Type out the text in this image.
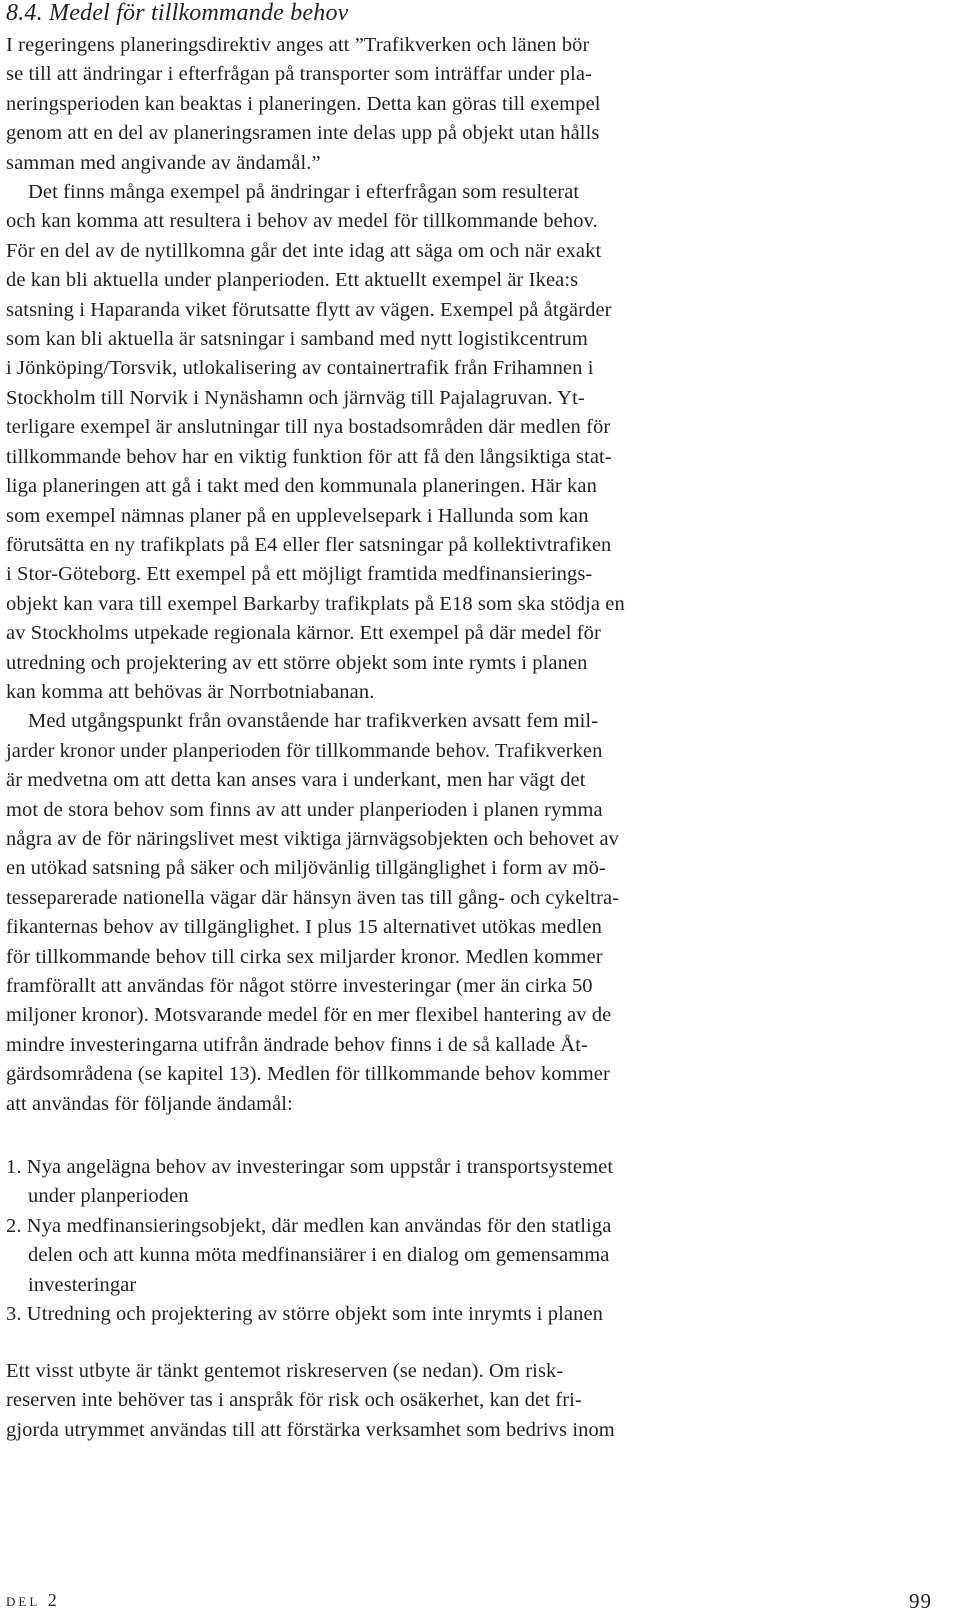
8.4. Medel för tillkommande behov
I regeringens planeringsdirektiv anges att ”Trafikverken och länen bör
se till att ändringar i efterfrågan på transporter som inträffar under pla-
neringsperioden kan beaktas i planeringen. Detta kan göras till exempel
genom att en del av planeringsramen inte delas upp på objekt utan hålls
samman med angivande av ändamål.”
Det finns många exempel på ändringar i efterfrågan som resulterat
och kan komma att resultera i behov av medel för tillkommande behov.
För en del av de nytillkomna går det inte idag att säga om och när exakt
de kan bli aktuella under planperioden. Ett aktuellt exempel är Ikea:s
satsning i Haparanda viket förutsatte flytt av vägen. Exempel på åtgärder
som kan bli aktuella är satsningar i samband med nytt logistikcentrum
i Jönköping/Torsvik, utlokalisering av containertrafik från Frihamnen i
Stockholm till Norvik i Nynäshamn och järnväg till Pajalagruvan. Yt-
terligare exempel är anslutningar till nya bostadsområden där medlen för
tillkommande behov har en viktig funktion för att få den långsiktiga stat-
liga planeringen att gå i takt med den kommunala planeringen. Här kan
som exempel nämnas planer på en upplevelsepark i Hallunda som kan
förutsätta en ny trafikplats på E4 eller fler satsningar på kollektivtrafiken
i Stor-Göteborg. Ett exempel på ett möjligt framtida medfinansierings-
objekt kan vara till exempel Barkarby trafikplats på E18 som ska stödja en
av Stockholms utpekade regionala kärnor. Ett exempel på där medel för
utredning och projektering av ett större objekt som inte rymts i planen
kan komma att behövas är Norrbotniabanan.
Med utgångspunkt från ovanstående har trafikverken avsatt fem mil-
jarder kronor under planperioden för tillkommande behov. Trafikverken
är medvetna om att detta kan anses vara i underkant, men har vägt det
mot de stora behov som finns av att under planperioden i planen rymma
några av de för näringslivet mest viktiga järnvägsobjekten och behovet av
en utökad satsning på säker och miljövänlig tillgänglighet i form av mö-
tesseparerade nationella vägar där hänsyn även tas till gång- och cykeltra-
fikanternas behov av tillgänglighet. I plus 15 alternativet utökas medlen
för tillkommande behov till cirka sex miljarder kronor. Medlen kommer
framförallt att användas för något större investeringar (mer än cirka 50
miljoner kronor). Motsvarande medel för en mer flexibel hantering av de
mindre investeringarna utifrån ändrade behov finns i de så kallade Åt-
gärdsområdena (se kapitel 13). Medlen för tillkommande behov kommer
att användas för följande ändamål:
1. Nya angelägna behov av investeringar som uppstår i transportsystemet
under planperioden
2. Nya medfinansieringsobjekt, där medlen kan användas för den statliga
delen och att kunna möta medfinansiärer i en dialog om gemensamma
investeringar
3. Utredning och projektering av större objekt som inte inrymts i planen
Ett visst utbyte är tänkt gentemot riskreserven (se nedan). Om risk-
reserven inte behöver tas i anspråk för risk och osäkerhet, kan det fri-
gjorda utrymmet användas till att förstärka verksamhet som bedrivs inom
del 2	99
